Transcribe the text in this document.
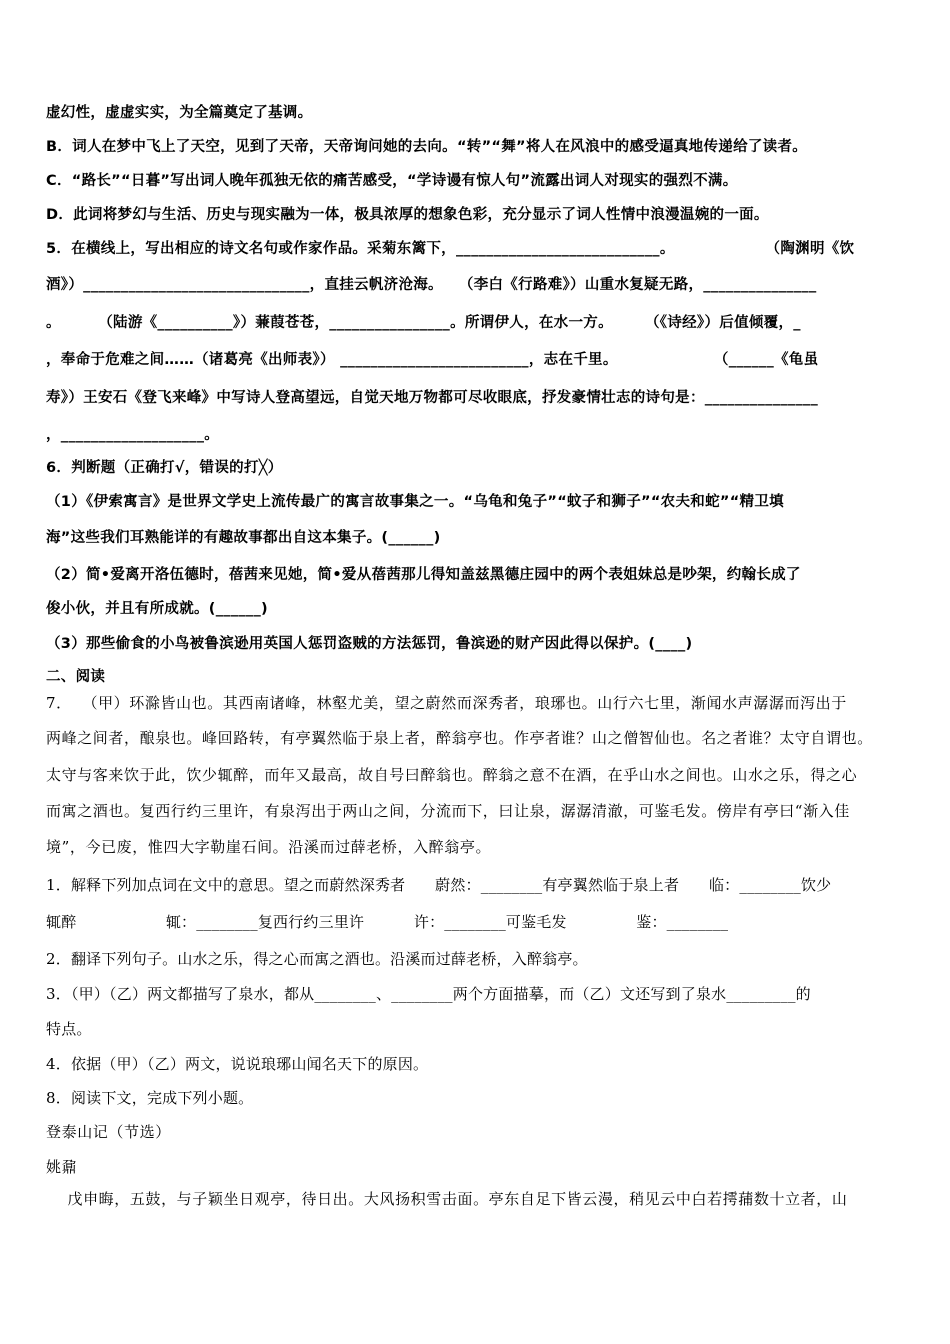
虚幻性，虚虚实实，为全篇奠定了基调。
B．词人在梦中飞上了天空，见到了天帝，天帝询问她的去向。“转”“舞”将人在风浪中的感受逼真地传递给了读者。
C．“路长”“日暮”写出词人晚年孤独无依的痛苦感受，“学诗谩有惊人句”流露出词人对现实的强烈不满。
D．此词将梦幻与生活、历史与现实融为一体，极具浓厚的想象色彩，充分显示了词人性情中浪漫温婉的一面。
5．在横线上，写出相应的诗文名句或作家作品。采菊东篱下，___________________________。                 （陶渊明《饮
酒》）______________________________，直挂云帆济沧海。   （李白《行路难》）山重水复疑无路，_______________
。       （陆游《__________》）蒹葭苍苍，________________。所谓伊人，在水一方。      （《诗经》）后值倾覆，_
，奉命于危难之间……（诸葛亮《出师表》） _________________________，志在千里。                  （______《龟虽
寿》）王安石《登飞来峰》中写诗人登高望远，自觉天地万物都可尽收眼底，抒发豪情壮志的诗句是：_______________
，___________________。
6．判断题（正确打√，错误的打╳）
（1）《伊索寓言》是世界文学史上流传最广的寓言故事集之一。“乌龟和兔子”“蚊子和狮子”“农夫和蛇”“精卫填
海”这些我们耳熟能详的有趣故事都出自这本集子。(______)
（2）简•爱离开洛伍德时，蓓茜来见她，简•爱从蓓茜那儿得知盖兹黑德庄园中的两个表姐妹总是吵架，约翰长成了
俊小伙，并且有所成就。(______)
（3）那些偷食的小鸟被鲁滨逊用英国人惩罚盗贼的方法惩罚，鲁滨逊的财产因此得以保护。(____)
二、阅读
7．  （甲）环滁皆山也。其西南诸峰，林壑尤美，望之蔚然而深秀者，琅琊也。山行六七里，渐闻水声潺潺而泻出于
两峰之间者，酿泉也。峰回路转，有亭翼然临于泉上者，醉翁亭也。作亭者谁？山之僧智仙也。名之者谁？太守自谓也。
太守与客来饮于此，饮少辄醉，而年又最高，故自号曰醉翁也。醉翁之意不在酒，在乎山水之间也。山水之乐，得之心
而寓之酒也。复西行约三里许，有泉泻出于两山之间，分流而下，曰让泉，潺潺清澈，可鉴毛发。傍岸有亭曰“渐入佳
境”，今已废，惟四大字勒崖石间。沿溪而过薛老桥，入醉翁亭。
1．解释下列加点词在文中的意思。望之而蔚然深秀者      蔚然：________有亭翼然临于泉上者      临：________饮少
辄醉                  辄：________复西行约三里许          许：________可鉴毛发              鉴：________
2．翻译下列句子。山水之乐，得之心而寓之酒也。沿溪而过薛老桥，入醉翁亭。
3．（甲）（乙）两文都描写了泉水，都从________、________两个方面描摹，而（乙）文还写到了泉水_________的
特点。
4．依据（甲）（乙）两文，说说琅琊山闻名天下的原因。
8．阅读下文，完成下列小题。
登泰山记（节选）
姚鼐
戊申晦，五鼓，与子颖坐日观亭，待日出。大风扬积雪击面。亭东自足下皆云漫，稍见云中白若摴蒱数十立者，山
